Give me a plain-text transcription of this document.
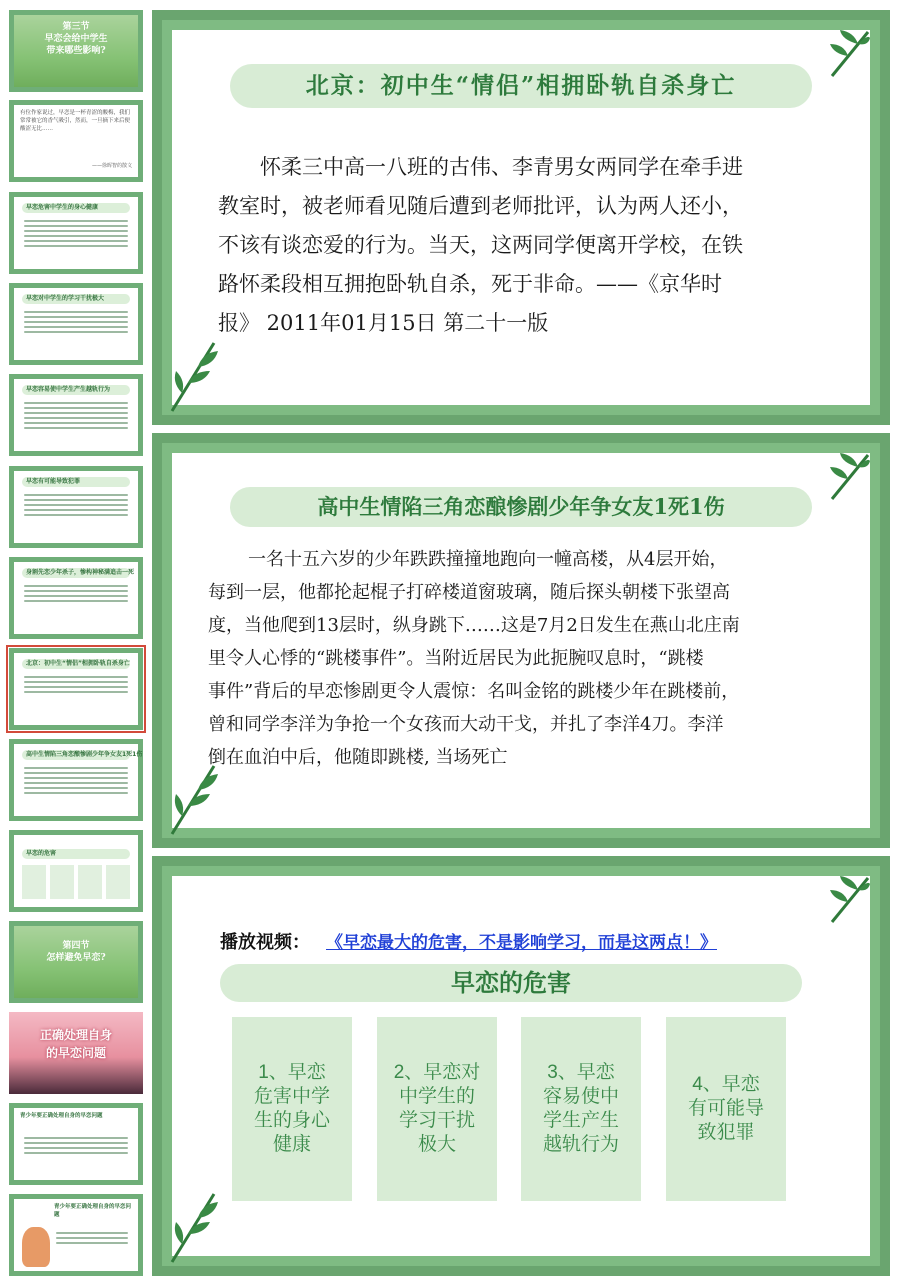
第三节
早恋会给中学生
带来哪些影响?
有位作家说过，早恋是一杯青涩的酸梅，我们常常被它的香气吸引，然而，一旦摘下来后便酸涩无比……
——徐晖智的散文
早恋危害中学生的身心健康
早恋对中学生的学习干扰极大
早恋容易使中学生产生越轨行为
早恋有可能导致犯罪
身割先恋少年杀子，惨构神秘满追击一死
北京：初中生“情侣”相拥卧轨自杀身亡
高中生情陷三角恋酿惨剧少年争女友1死1伤
早恋的危害
第四节
怎样避免早恋?
正确处理自身
的早恋问题
青少年要正确处理自身的早恋问题
青少年要正确处理自身的早恋问题
北京：初中生“情侣”相拥卧轨自杀身亡
怀柔三中高一八班的古伟、李青男女两同学在牵手进
教室时，被老师看见随后遭到老师批评，认为两人还小，
不该有谈恋爱的行为。当天，这两同学便离开学校，在铁
路怀柔段相互拥抱卧轨自杀，死于非命。——《京华时
报》 2011年01月15日 第二十一版
高中生情陷三角恋酿惨剧少年争女友1死1伤
一名十五六岁的少年跌跌撞撞地跑向一幢高楼，从4层开始，
每到一层，他都抡起棍子打碎楼道窗玻璃，随后探头朝楼下张望高
度，当他爬到13层时，纵身跳下……这是7月2日发生在燕山北庄南
里令人心悸的“跳楼事件”。当附近居民为此扼腕叹息时，“跳楼
事件”背后的早恋惨剧更令人震惊：名叫金铭的跳楼少年在跳楼前，
曾和同学李洋为争抢一个女孩而大动干戈，并扎了李洋4刀。李洋
倒在血泊中后，他随即跳楼, 当场死亡
播放视频： 《早恋最大的危害，不是影响学习，而是这两点！》
早恋的危害
1、早恋
危害中学
生的身心
健康
2、早恋对
中学生的
学习干扰
极大
3、早恋
容易使中
学生产生
越轨行为
4、早恋
有可能导
致犯罪
